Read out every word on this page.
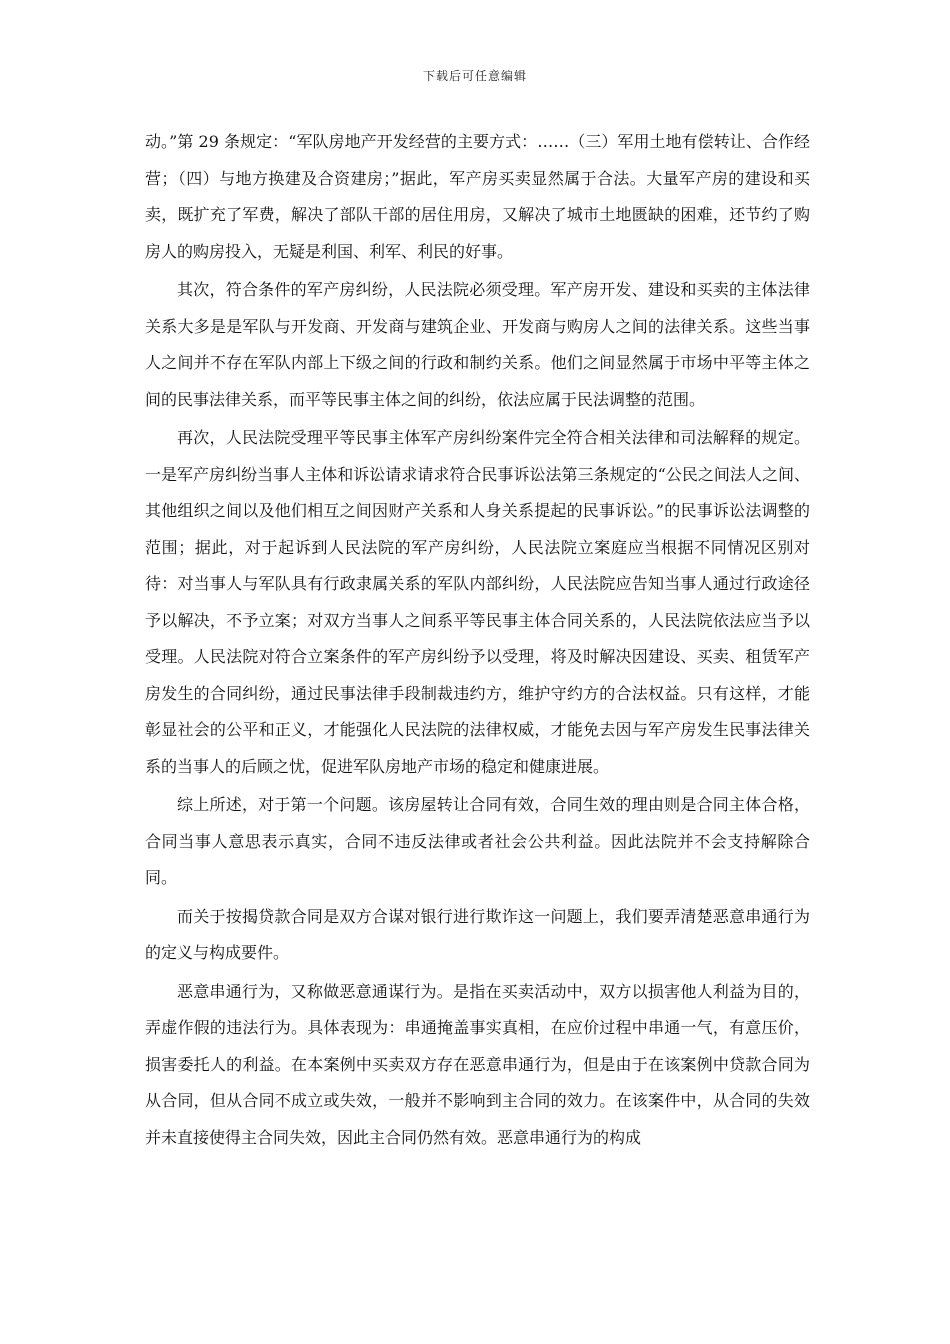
下载后可任意编辑

动。”第 29 条规定：“军队房地产开发经营的主要方式：……（三）军用土地有偿转让、合作经营；（四）与地方换建及合资建房；”据此，军产房买卖显然属于合法。大量军产房的建设和买卖，既扩充了军费，解决了部队干部的居住用房，又解决了城市土地匮缺的困难，还节约了购房人的购房投入，无疑是利国、利军、利民的好事。

其次，符合条件的军产房纠纷，人民法院必须受理。军产房开发、建设和买卖的主体法律关系大多是是军队与开发商、开发商与建筑企业、开发商与购房人之间的法律关系。这些当事人之间并不存在军队内部上下级之间的行政和制约关系。他们之间显然属于市场中平等主体之间的民事法律关系，而平等民事主体之间的纠纷，依法应属于民法调整的范围。

再次，人民法院受理平等民事主体军产房纠纷案件完全符合相关法律和司法解释的规定。一是军产房纠纷当事人主体和诉讼请求请求符合民事诉讼法第三条规定的“公民之间法人之间、其他组织之间以及他们相互之间因财产关系和人身关系提起的民事诉讼。”的民事诉讼法调整的范围；据此，对于起诉到人民法院的军产房纠纷，人民法院立案庭应当根据不同情况区别对待：对当事人与军队具有行政隶属关系的军队内部纠纷，人民法院应告知当事人通过行政途径予以解决，不予立案；对双方当事人之间系平等民事主体合同关系的，人民法院依法应当予以受理。人民法院对符合立案条件的军产房纠纷予以受理，将及时解决因建设、买卖、租赁军产房发生的合同纠纷，通过民事法律手段制裁违约方，维护守约方的合法权益。只有这样，才能彰显社会的公平和正义，才能强化人民法院的法律权威，才能免去因与军产房发生民事法律关系的当事人的后顾之忧，促进军队房地产市场的稳定和健康进展。

综上所述，对于第一个问题。该房屋转让合同有效，合同生效的理由则是合同主体合格，合同当事人意思表示真实，合同不违反法律或者社会公共利益。因此法院并不会支持解除合同。

而关于按揭贷款合同是双方合谋对银行进行欺诈这一问题上，我们要弄清楚恶意串通行为的定义与构成要件。

恶意串通行为，又称做恶意通谋行为。是指在买卖活动中，双方以损害他人利益为目的，弄虚作假的违法行为。具体表现为：串通掩盖事实真相，在应价过程中串通一气，有意压价，损害委托人的利益。在本案例中买卖双方存在恶意串通行为，但是由于在该案例中贷款合同为从合同，但从合同不成立或失效，一般并不影响到主合同的效力。在该案件中，从合同的失效并未直接使得主合同失效，因此主合同仍然有效。恶意串通行为的构成
